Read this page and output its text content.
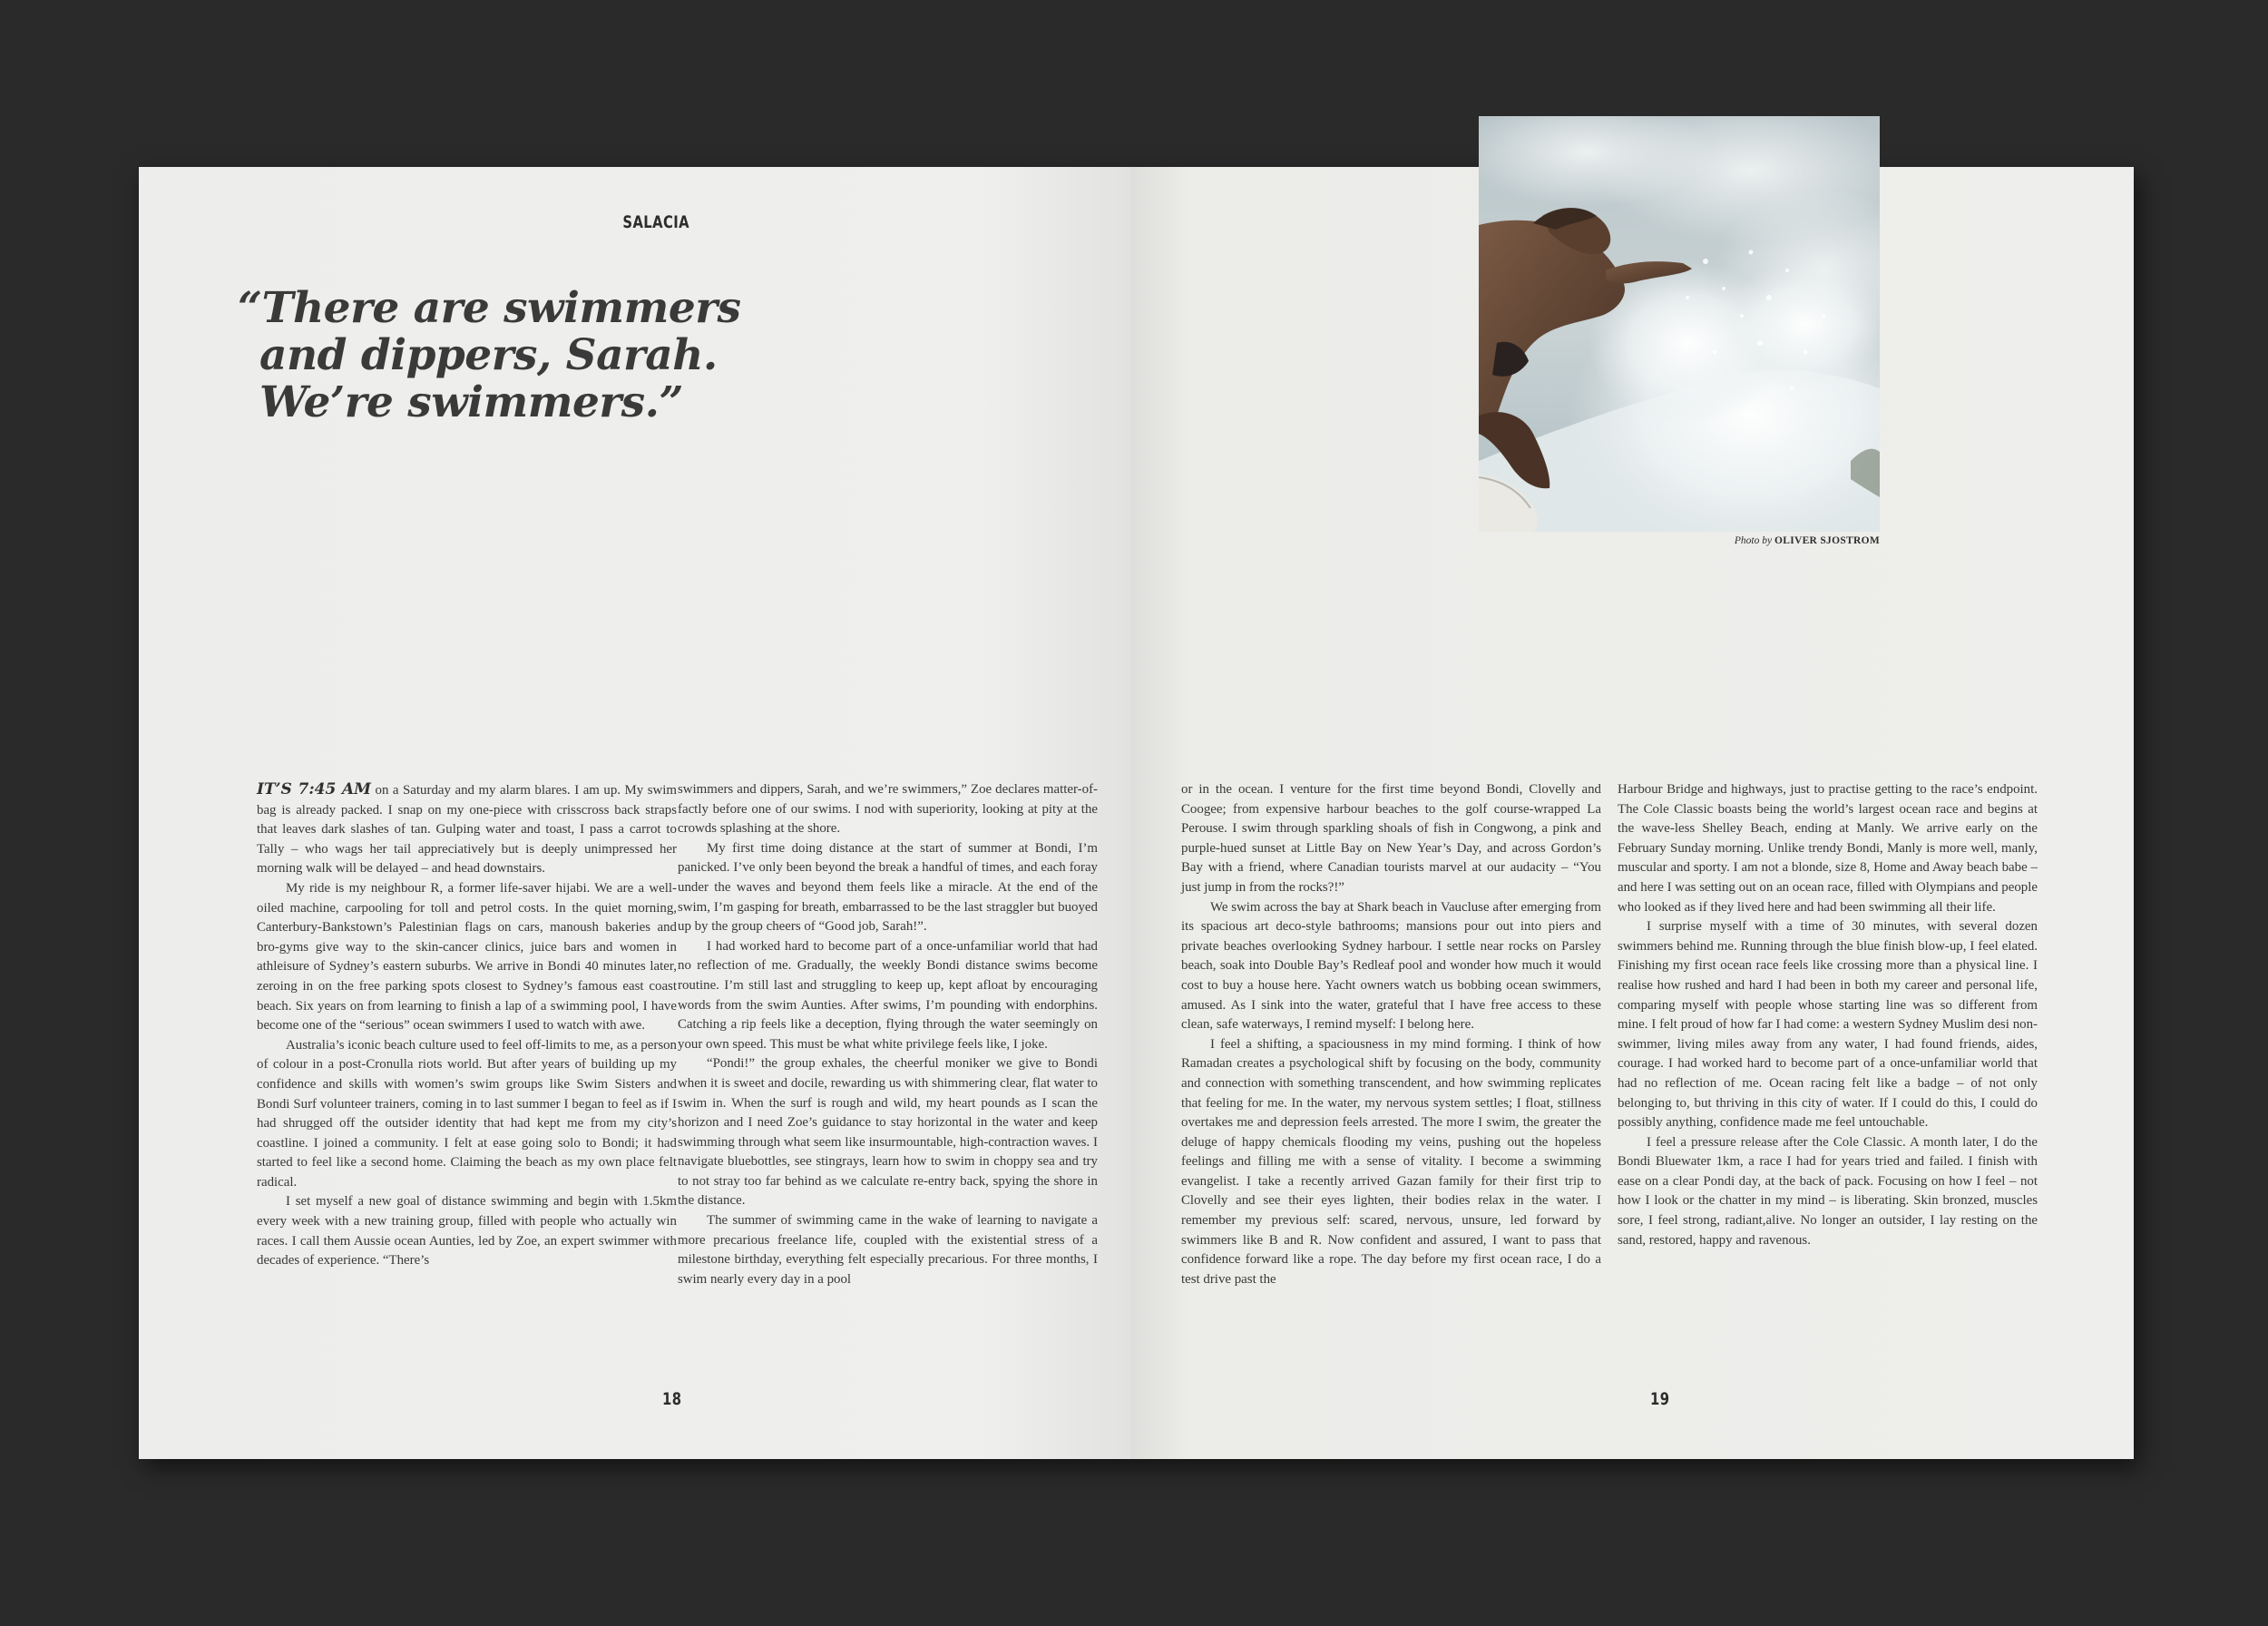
SALACIA
“There are swimmers
and dippers, Sarah.
We’re swimmers.”

IT’S 7:45 AM on a Saturday and my alarm blares. I am up. My swim bag is already packed. I snap on my one-piece with crisscross back straps that leaves dark slashes of tan. Gulping water and toast, I pass a carrot to Tally – who wags her tail appreciatively but is deeply unimpressed her morning walk will be delayed – and head downstairs.

My ride is my neighbour R, a former life-saver hijabi. We are a well-oiled machine, carpooling for toll and petrol costs. In the quiet morning, Canterbury-Bankstown’s Palestinian flags on cars, manoush bakeries and bro-gyms give way to the skin-cancer clinics, juice bars and women in athleisure of Sydney’s eastern suburbs. We arrive in Bondi 40 minutes later, zeroing in on the free parking spots closest to Sydney’s famous east coast beach. Six years on from learning to finish a lap of a swimming pool, I have become one of the “serious” ocean swimmers I used to watch with awe.

Australia’s iconic beach culture used to feel off-limits to me, as a person of colour in a post-Cronulla riots world. But after years of building up my confidence and skills with women’s swim groups like Swim Sisters and Bondi Surf volunteer trainers, coming in to last summer I began to feel as if I had shrugged off the outsider identity that had kept me from my city’s coastline. I joined a community. I felt at ease going solo to Bondi; it had started to feel like a second home. Claiming the beach as my own place felt radical.

I set myself a new goal of distance swimming and begin with 1.5km every week with a new training group, filled with people who actually win races. I call them Aussie ocean Aunties, led by Zoe, an expert swimmer with decades of experience. “There’s

swimmers and dippers, Sarah, and we’re swimmers,” Zoe declares matter-of-factly before one of our swims. I nod with superiority, looking at pity at the crowds splashing at the shore.

My first time doing distance at the start of summer at Bondi, I’m panicked. I’ve only been beyond the break a handful of times, and each foray under the waves and beyond them feels like a miracle. At the end of the swim, I’m gasping for breath, embarrassed to be the last straggler but buoyed up by the group cheers of “Good job, Sarah!”.

I had worked hard to become part of a once-unfamiliar world that had no reflection of me. Gradually, the weekly Bondi distance swims become routine. I’m still last and struggling to keep up, kept afloat by encouraging words from the swim Aunties. After swims, I’m pounding with endorphins. Catching a rip feels like a deception, flying through the water seemingly on your own speed. This must be what white privilege feels like, I joke.

“Pondi!” the group exhales, the cheerful moniker we give to Bondi when it is sweet and docile, rewarding us with shimmering clear, flat water to swim in. When the surf is rough and wild, my heart pounds as I scan the horizon and I need Zoe’s guidance to stay horizontal in the water and keep swimming through what seem like insurmountable, high-contraction waves. I navigate bluebottles, see stingrays, learn how to swim in choppy sea and try to not stray too far behind as we calculate re-entry back, spying the shore in the distance.

The summer of swimming came in the wake of learning to navigate a more precarious freelance life, coupled with the existential stress of a milestone birthday, everything felt especially precarious. For three months, I swim nearly every day in a pool

18

or in the ocean. I venture for the first time beyond Bondi, Clovelly and Coogee; from expensive harbour beaches to the golf course-wrapped La Perouse. I swim through sparkling shoals of fish in Congwong, a pink and purple-hued sunset at Little Bay on New Year’s Day, and across Gordon’s Bay with a friend, where Canadian tourists marvel at our audacity – “You just jump in from the rocks?!”

We swim across the bay at Shark beach in Vaucluse after emerging from its spacious art deco-style bathrooms; mansions pour out into piers and private beaches overlooking Sydney harbour. I settle near rocks on Parsley beach, soak into Double Bay’s Redleaf pool and wonder how much it would cost to buy a house here. Yacht owners watch us bobbing ocean swimmers, amused. As I sink into the water, grateful that I have free access to these clean, safe waterways, I remind myself: I belong here.

I feel a shifting, a spaciousness in my mind forming. I think of how Ramadan creates a psychological shift by focusing on the body, community and connection with something transcendent, and how swimming replicates that feeling for me. In the water, my nervous system settles; I float, stillness overtakes me and depression feels arrested. The more I swim, the greater the deluge of happy chemicals flooding my veins, pushing out the hopeless feelings and filling me with a sense of vitality. I become a swimming evangelist. I take a recently arrived Gazan family for their first trip to Clovelly and see their eyes lighten, their bodies relax in the water. I remember my previous self: scared, nervous, unsure, led forward by swimmers like B and R. Now confident and assured, I want to pass that confidence forward like a rope. The day before my first ocean race, I do a test drive past the

Harbour Bridge and highways, just to practise getting to the race’s endpoint. The Cole Classic boasts being the world’s largest ocean race and begins at the wave-less Shelley Beach, ending at Manly. We arrive early on the February Sunday morning. Unlike trendy Bondi, Manly is more well, manly, muscular and sporty. I am not a blonde, size 8, Home and Away beach babe – and here I was setting out on an ocean race, filled with Olympians and people who looked as if they lived here and had been swimming all their life.

I surprise myself with a time of 30 minutes, with several dozen swimmers behind me. Running through the blue finish blow-up, I feel elated. Finishing my first ocean race feels like crossing more than a physical line. I realise how rushed and hard I had been in both my career and personal life, comparing myself with people whose starting line was so different from mine. I felt proud of how far I had come: a western Sydney Muslim desi non-swimmer, living miles away from any water, I had found friends, aides, courage. I had worked hard to become part of a once-unfamiliar world that had no reflection of me. Ocean racing felt like a badge – of not only belonging to, but thriving in this city of water. If I could do this, I could do possibly anything, confidence made me feel untouchable.

I feel a pressure release after the Cole Classic. A month later, I do the Bondi Bluewater 1km, a race I had for years tried and failed. I finish with ease on a clear Pondi day, at the back of pack. Focusing on how I feel – not how I look or the chatter in my mind – is liberating. Skin bronzed, muscles sore, I feel strong, radiant,alive. No longer an outsider, I lay resting on the sand, restored, happy and ravenous.

19
Photo by OLIVER SJOSTROM
